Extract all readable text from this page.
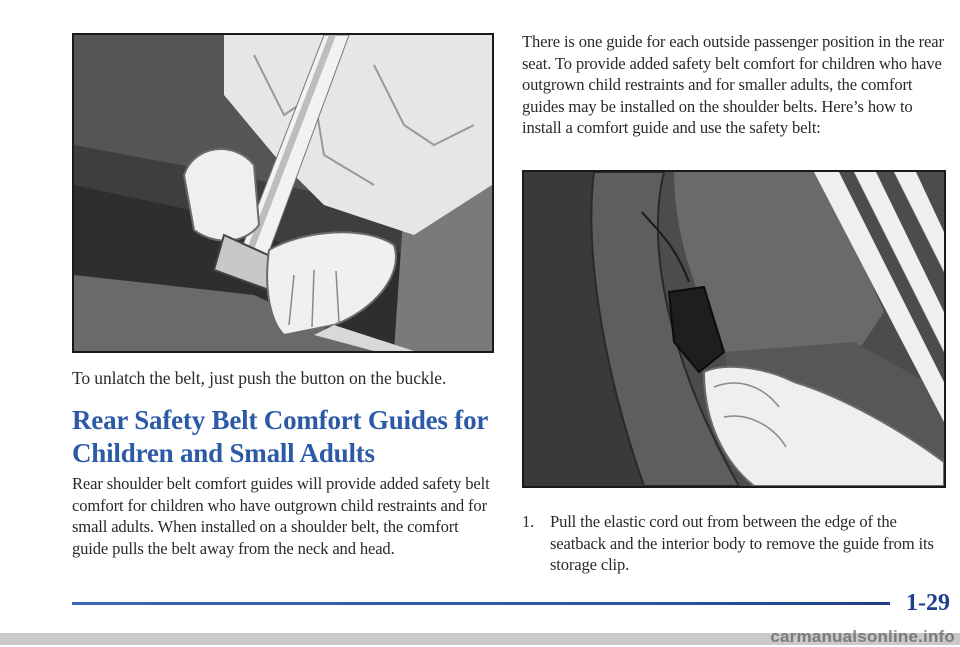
To unlatch the belt, just push the button on the buckle.
Rear Safety Belt Comfort Guides for
Children and Small Adults
Rear shoulder belt comfort guides will provide added safety belt comfort for children who have outgrown child restraints and for small adults. When installed on a shoulder belt, the comfort guide pulls the belt away from the neck and head.
There is one guide for each outside passenger position in the rear seat. To provide added safety belt comfort for children who have outgrown child restraints and for smaller adults, the comfort guides may be installed on the shoulder belts. Here’s how to install a comfort guide and use the safety belt:
1. Pull the elastic cord out from between the edge of the seatback and the interior body to remove the guide from its storage clip.
1-29
carmanualsonline.info
